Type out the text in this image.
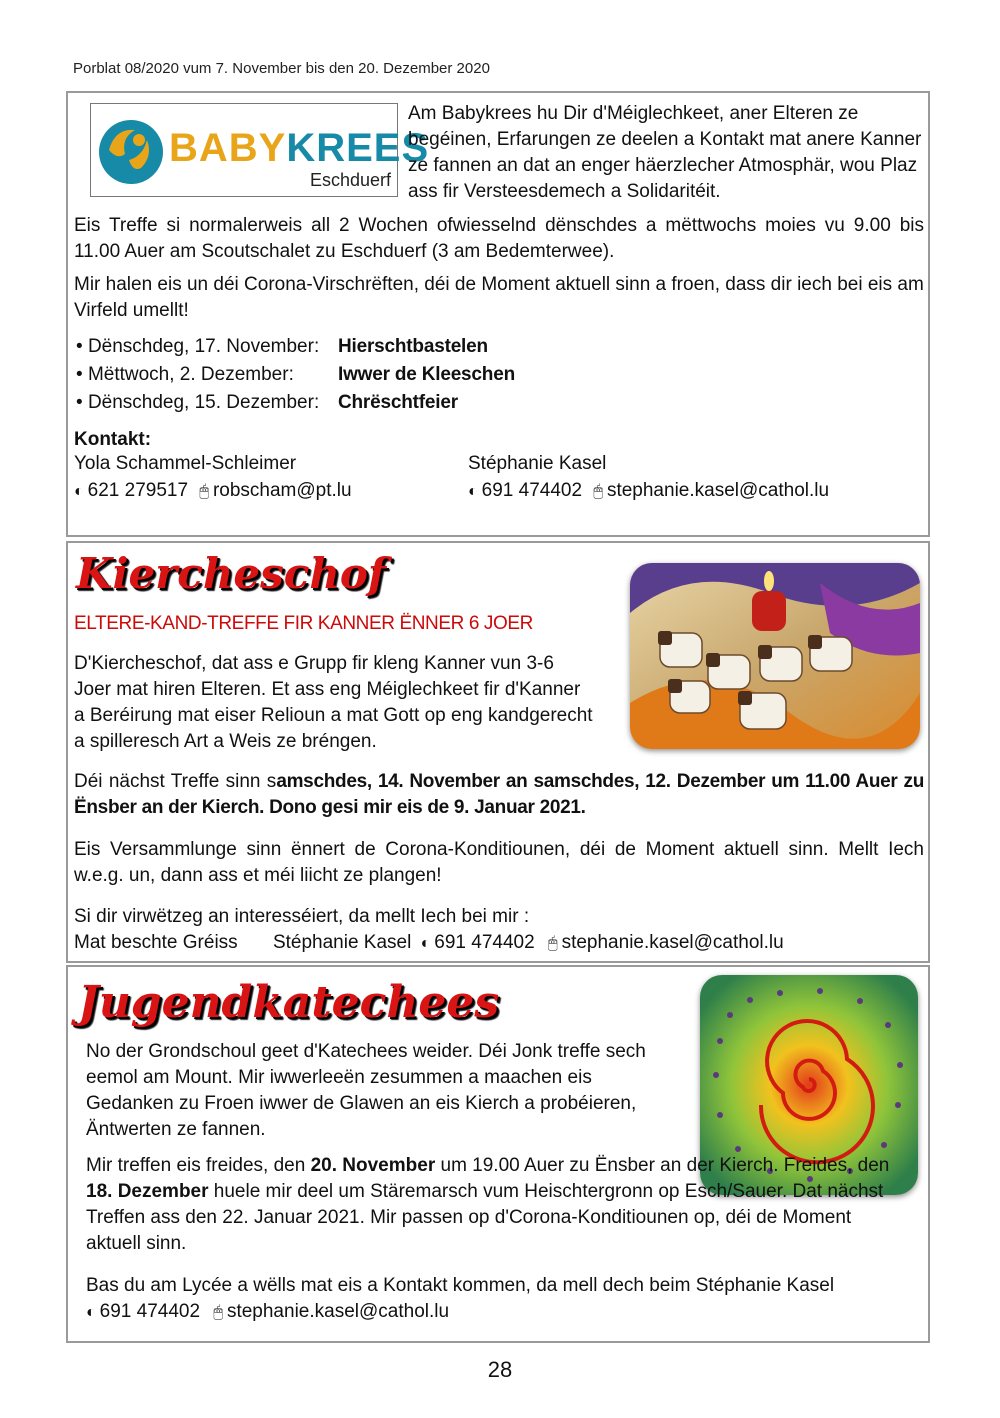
Porblat 08/2020 vum 7. November bis den 20. Dezember 2020
BABYKREES
Eschduerf

Am Babykrees hu Dir d'Méiglechkeet, aner Elteren ze begéinen, Erfarungen ze deelen a Kontakt mat anere Kanner ze fannen an dat an enger häerzlecher Atmosphär, wou Plaz ass fir Versteesdemech a Solidaritéit.

Eis Treffe si normalerweis all 2 Wochen ofwiesselnd dënschdes a mëttwochs moies vu 9.00 bis 11.00 Auer am Scoutschalet zu Eschduerf (3 am Bedemterwee).

Mir halen eis un déi Corona-Virschrëften, déi de Moment aktuell sinn a froen, dass dir iech bei eis am Virfeld umellt!

• Dënschdeg, 17. November: Hierschtbastelen
• Mëttwoch, 2. Dezember:	Iwwer de Kleeschen
• Dënschdeg, 15. Dezember: Chrëschtfeier

Kontakt:

Yola Schammel-Schleimer	Stéphanie Kasel

◐ 621 279517 🖱 robscham@pt.lu	◐ 691 474402 🖱 stephanie.kasel@cathol.lu

Kiercheschof

ELTERE-KAND-TREFFE FIR KANNER ËNNER 6 JOER

D'Kiercheschof, dat ass e Grupp fir kleng Kanner vun 3-6 Joer mat hiren Elteren. Et ass eng Méiglechkeet fir d'Kanner a Beréirung mat eiser Relioun a mat Gott op eng kandgerecht a spilleresch Art a Weis ze bréngen.

Déi nächst Treffe sinn samschdes, 14. November an samschdes, 12. Dezember um 11.00 Auer zu Ënsber an der Kierch. Dono gesi mir eis de 9. Januar 2021.

Eis Versammlunge sinn ënnert de Corona-Konditiounen, déi de Moment aktuell sinn. Mellt Iech w.e.g. un, dann ass et méi liicht ze plangen!

Si dir virwëtzeg an interesséiert, da mellt Iech bei mir :

Mat beschte Gréiss Stéphanie Kasel ◐ 691 474402 🖱 stephanie.kasel@cathol.lu

Jugendkatechees

No der Grondschoul geet d'Katechees weider. Déi Jonk treffe sech eemol am Mount. Mir iwwerleeën zesummen a maachen eis Gedanken zu Froen iwwer de Glawen an eis Kierch a probéieren, Äntwerten ze fannen.

Mir treffen eis freides, den 20. November um 19.00 Auer zu Ënsber an der Kierch. Freides, den 18. Dezember huele mir deel um Stäremarsch vum Heischtergronn op Esch/Sauer. Dat nächst Treffen ass den 22. Januar 2021. Mir passen op d'Corona-Konditiounen op, déi de Moment aktuell sinn.

Bas du am Lycée a wëlls mat eis a Kontakt kommen, da mell dech beim Stéphanie Kasel

◐ 691 474402 🖱 stephanie.kasel@cathol.lu

28
